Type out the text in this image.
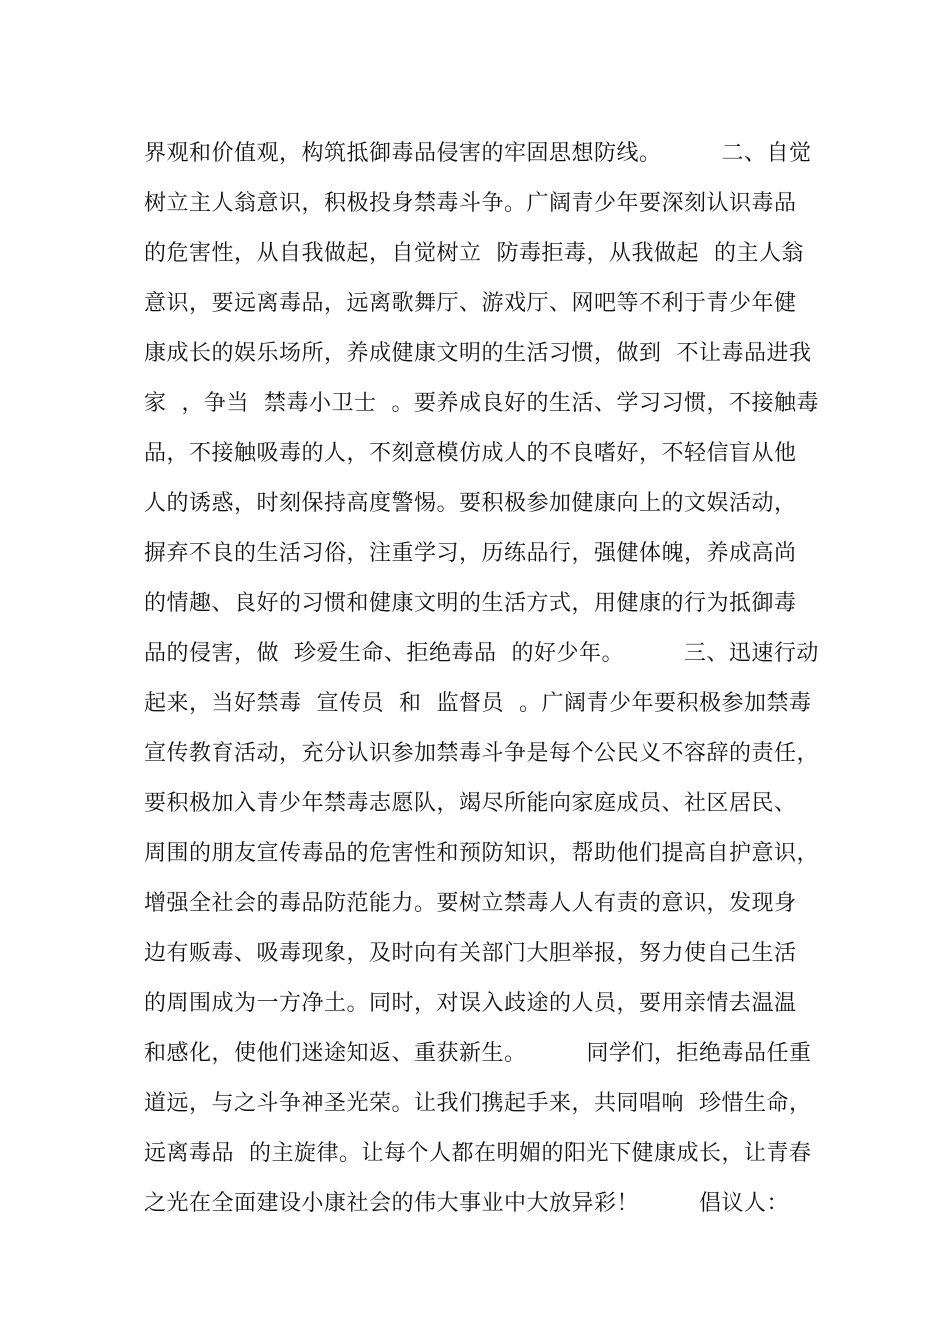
界观和价值观，构筑抵御毒品侵害的牢固思想防线。        二、自觉
树立主人翁意识，积极投身禁毒斗争。广阔青少年要深刻认识毒品
的危害性，从自我做起，自觉树立  防毒拒毒，从我做起  的主人翁
意识，要远离毒品，远离歌舞厅、游戏厅、网吧等不利于青少年健
康成长的娱乐场所，养成健康文明的生活习惯，做到  不让毒品进我
家  ，争当  禁毒小卫士  。要养成良好的生活、学习习惯，不接触毒
品，不接触吸毒的人，不刻意模仿成人的不良嗜好，不轻信盲从他
人的诱惑，时刻保持高度警惕。要积极参加健康向上的文娱活动，
摒弃不良的生活习俗，注重学习，历练品行，强健体魄，养成高尚
的情趣、良好的习惯和健康文明的生活方式，用健康的行为抵御毒
品的侵害，做  珍爱生命、拒绝毒品  的好少年。        三、迅速行动
起来，当好禁毒  宣传员  和  监督员  。广阔青少年要积极参加禁毒
宣传教育活动，充分认识参加禁毒斗争是每个公民义不容辞的责任，
要积极加入青少年禁毒志愿队，竭尽所能向家庭成员、社区居民、
周围的朋友宣传毒品的危害性和预防知识，帮助他们提高自护意识，
增强全社会的毒品防范能力。要树立禁毒人人有责的意识，发现身
边有贩毒、吸毒现象，及时向有关部门大胆举报，努力使自己生活
的周围成为一方净土。同时，对误入歧途的人员，要用亲情去温温
和感化，使他们迷途知返、重获新生。        同学们，拒绝毒品任重
道远，与之斗争神圣光荣。让我们携起手来，共同唱响  珍惜生命，
远离毒品  的主旋律。让每个人都在明媚的阳光下健康成长，让青春
之光在全面建设小康社会的伟大事业中大放异彩！        倡议人：
